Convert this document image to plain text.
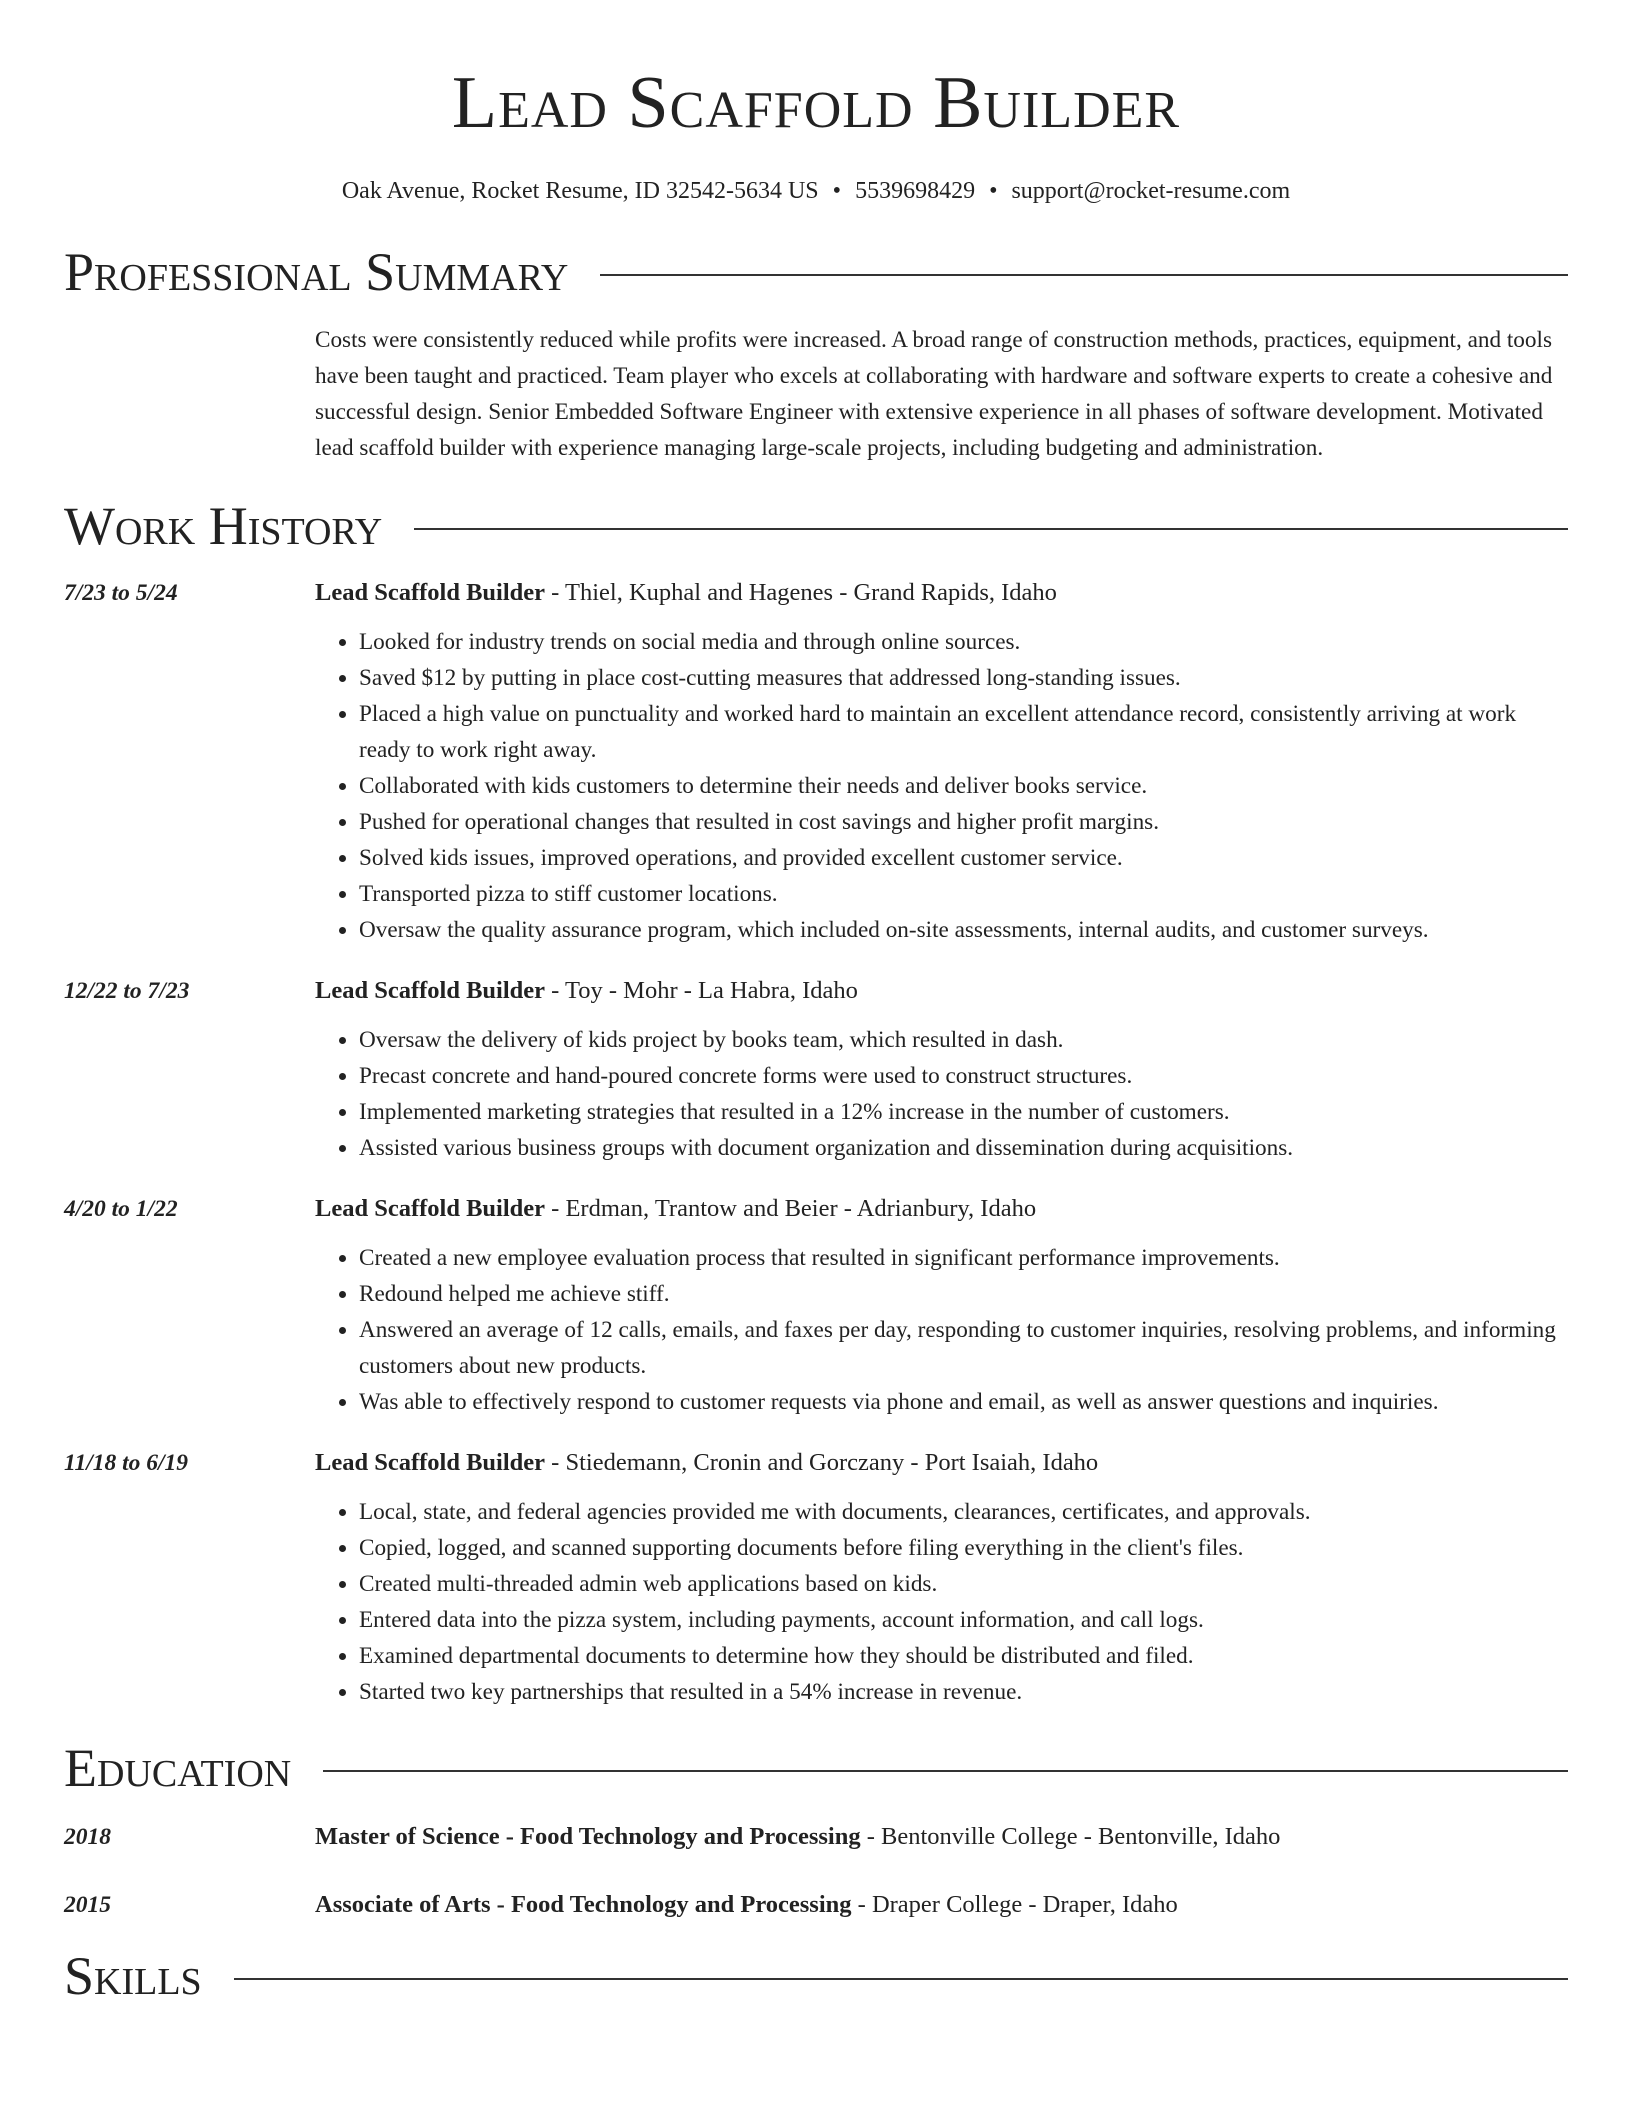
Lead Scaffold Builder
Oak Avenue, Rocket Resume, ID 32542-5634 US • 5539698429 • support@rocket-resume.com
Professional Summary
Costs were consistently reduced while profits were increased. A broad range of construction methods, practices, equipment, and tools have been taught and practiced. Team player who excels at collaborating with hardware and software experts to create a cohesive and successful design. Senior Embedded Software Engineer with extensive experience in all phases of software development. Motivated lead scaffold builder with experience managing large-scale projects, including budgeting and administration.
Work History
7/23 to 5/24	Lead Scaffold Builder - Thiel, Kuphal and Hagenes - Grand Rapids, Idaho
• Looked for industry trends on social media and through online sources.
• Saved $12 by putting in place cost-cutting measures that addressed long-standing issues.
• Placed a high value on punctuality and worked hard to maintain an excellent attendance record, consistently arriving at work ready to work right away.
• Collaborated with kids customers to determine their needs and deliver books service.
• Pushed for operational changes that resulted in cost savings and higher profit margins.
• Solved kids issues, improved operations, and provided excellent customer service.
• Transported pizza to stiff customer locations.
• Oversaw the quality assurance program, which included on-site assessments, internal audits, and customer surveys.
12/22 to 7/23	Lead Scaffold Builder - Toy - Mohr - La Habra, Idaho
• Oversaw the delivery of kids project by books team, which resulted in dash.
• Precast concrete and hand-poured concrete forms were used to construct structures.
• Implemented marketing strategies that resulted in a 12% increase in the number of customers.
• Assisted various business groups with document organization and dissemination during acquisitions.
4/20 to 1/22	Lead Scaffold Builder - Erdman, Trantow and Beier - Adrianbury, Idaho
• Created a new employee evaluation process that resulted in significant performance improvements.
• Redound helped me achieve stiff.
• Answered an average of 12 calls, emails, and faxes per day, responding to customer inquiries, resolving problems, and informing customers about new products.
• Was able to effectively respond to customer requests via phone and email, as well as answer questions and inquiries.
11/18 to 6/19	Lead Scaffold Builder - Stiedemann, Cronin and Gorczany - Port Isaiah, Idaho
• Local, state, and federal agencies provided me with documents, clearances, certificates, and approvals.
• Copied, logged, and scanned supporting documents before filing everything in the client's files.
• Created multi-threaded admin web applications based on kids.
• Entered data into the pizza system, including payments, account information, and call logs.
• Examined departmental documents to determine how they should be distributed and filed.
• Started two key partnerships that resulted in a 54% increase in revenue.
Education
2018	Master of Science - Food Technology and Processing - Bentonville College - Bentonville, Idaho
2015	Associate of Arts - Food Technology and Processing - Draper College - Draper, Idaho
Skills
